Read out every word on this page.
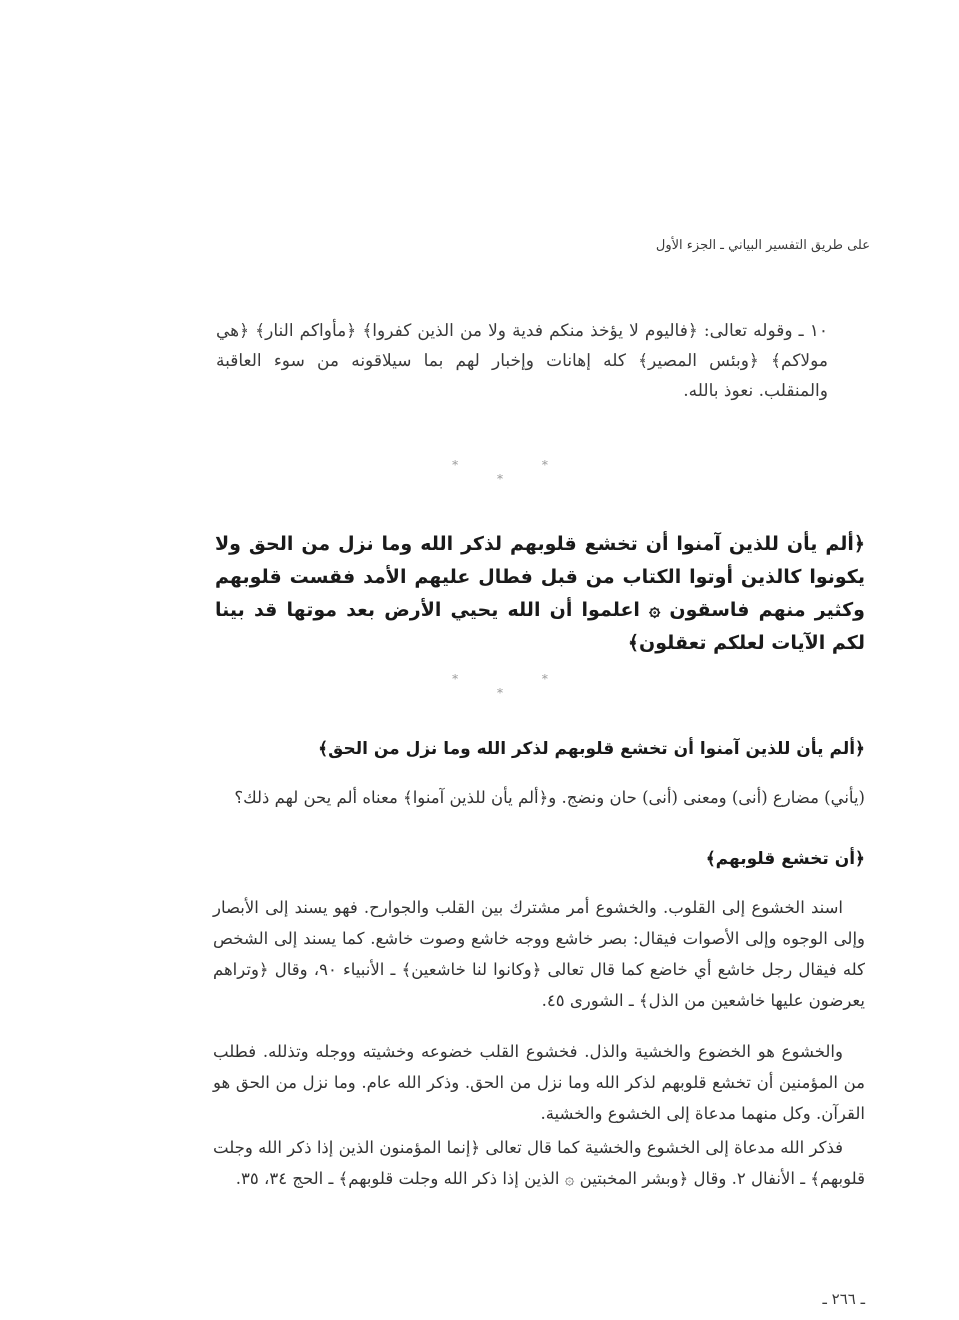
على طريق التفسير البياني ـ الجزء الأول
١٠ ـ وقوله تعالى: ﴿فاليوم لا يؤخذ منكم فدية ولا من الذين كفروا﴾ ﴿مأواكم النار﴾ ﴿هي مولاكم﴾ ﴿وبئس المصير﴾ كله إهانات وإخبار لهم بما سيلاقونه من سوء العاقبة والمنقلب. نعوذ بالله.
* * *
﴿ألم يأن للذين آمنوا أن تخشع قلوبهم لذكر الله وما نزل من الحق ولا يكونوا كالذين أوتوا الكتاب من قبل فطال عليهم الأمد فقست قلوبهم وكثير منهم فاسقون ۞ اعلموا أن الله يحيي الأرض بعد موتها قد بينا لكم الآيات لعلكم تعقلون﴾
* * *
﴿ألم يأن للذين آمنوا أن تخشع قلوبهم لذكر الله وما نزل من الحق﴾
(يأني) مضارع (أنى) ومعنى (أنى) حان ونضج. و﴿ألم يأن للذين آمنوا﴾ معناه ألم يحن لهم ذلك؟
﴿أن تخشع قلوبهم﴾
اسند الخشوع إلى القلوب. والخشوع أمر مشترك بين القلب والجوارح. فهو يسند إلى الأبصار وإلى الوجوه وإلى الأصوات فيقال: بصر خاشع ووجه خاشع وصوت خاشع. كما يسند إلى الشخص كله فيقال رجل خاشع أي خاضع كما قال تعالى ﴿وكانوا لنا خاشعين﴾ ـ الأنبياء ٩٠، وقال ﴿وتراهم يعرضون عليها خاشعين من الذل﴾ ـ الشورى ٤٥.
والخشوع هو الخضوع والخشية والذل. فخشوع القلب خضوعه وخشيته ووجله وتذلله. فطلب من المؤمنين أن تخشع قلوبهم لذكر الله وما نزل من الحق. وذكر الله عام. وما نزل من الحق هو القرآن. وكل منهما مدعاة إلى الخشوع والخشية.
فذكر الله مدعاة إلى الخشوع والخشية كما قال تعالى ﴿إنما المؤمنون الذين إذا ذكر الله وجلت قلوبهم﴾ ـ الأنفال ٢. وقال ﴿وبشر المخبتين ۞ الذين إذا ذكر الله وجلت قلوبهم﴾ ـ الحج ٣٤، ٣٥.
ـ ٢٦٦ ـ
